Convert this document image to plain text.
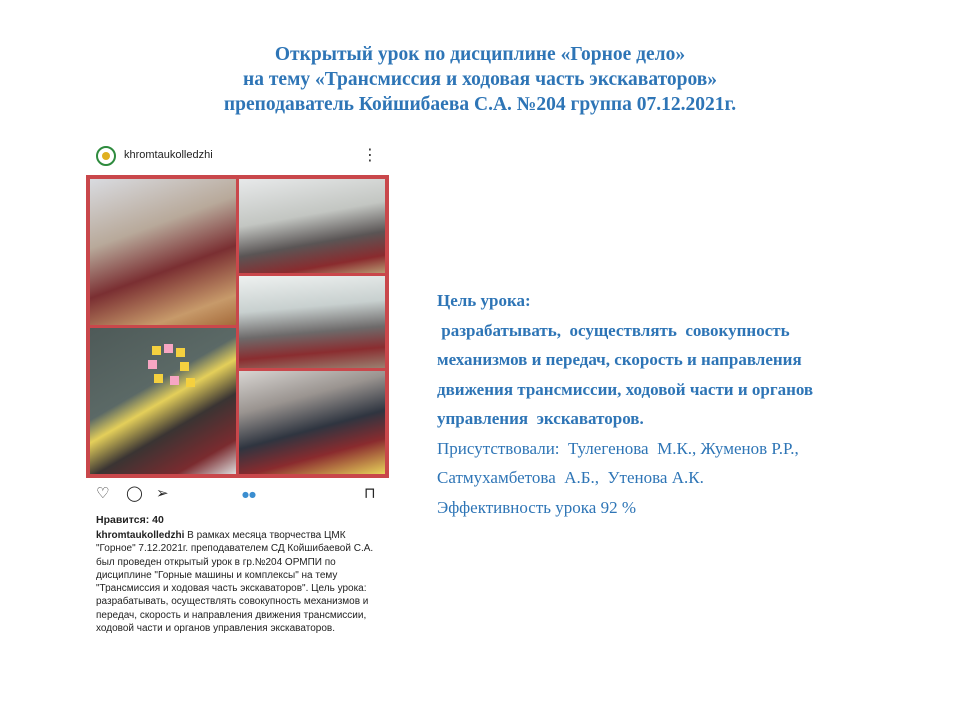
Открытый урок по дисциплине «Горное дело»
на тему «Трансмиссия и ходовая часть экскаваторов»
преподаватель Койшибаева С.А. №204 группа 07.12.2021г.
khromtaukolledzhi	⋮
♡ ◯ ➢	●●	⊓
Нравится: 40
khromtaukolledzhi В рамках месяца творчества ЦМК "Горное" 7.12.2021г. преподавателем СД Койшибаевой С.А. был проведен открытый урок в гр.№204 ОРМПИ по дисциплине "Горные машины и комплексы" на тему "Трансмиссия и ходовая часть экскаваторов". Цель урока: разрабатывать, осуществлять совокупность механизмов и передач, скорость и направления движения трансмиссии, ходовой части и органов управления экскаваторов.
Цель урока:
разрабатывать,  осуществлять  совокупность
механизмов и передач, скорость и направления
движения трансмиссии, ходовой части и органов
управления  экскаваторов.
Присутствовали:  Тулегенова  М.К., Жуменов Р.Р.,
Сатмухамбетова  А.Б.,  Утенова А.К.
Эффективность урока 92 %
